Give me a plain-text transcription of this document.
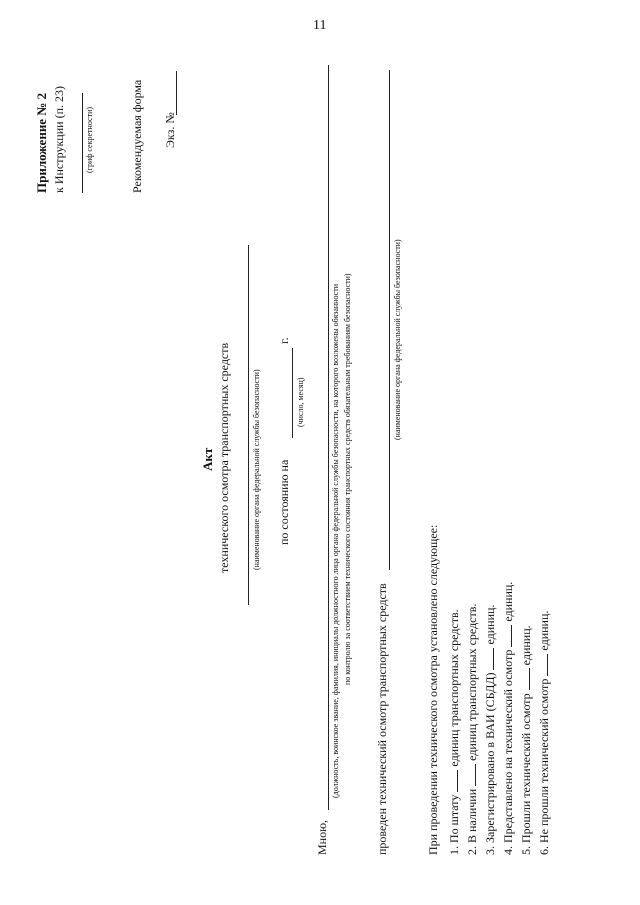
11
Приложение № 2 к Инструкции (п. 23) (гриф секретности)	Рекомендуемая форма Экз. №
Акт технического осмотра транспортных средств	(наименование органа федеральной службы безопасности) по состоянию на
г.
(число, месяц)
Мною,
(должность, воинское звание, фамилия, инициалы должностного лица органа федеральной службы безопасности, на которого возложены обязанности по контролю за соответствием технического состояния транспортных средств обязательным требованиям безопасности)
проведен технический осмотр транспортных средств
(наименование органа федеральной службы безопасности)
При проведении технического осмотра установлено следующее: 1. По штату  единиц транспортных средств.
2. В наличии  единиц транспортных средств. 3. Зарегистрировано в ВАИ (СБДД)  единиц.
4. Представлено на технический осмотр  единиц.
5. Прошли технический осмотр  единиц.
6. Не прошли технический осмотр  единиц.
